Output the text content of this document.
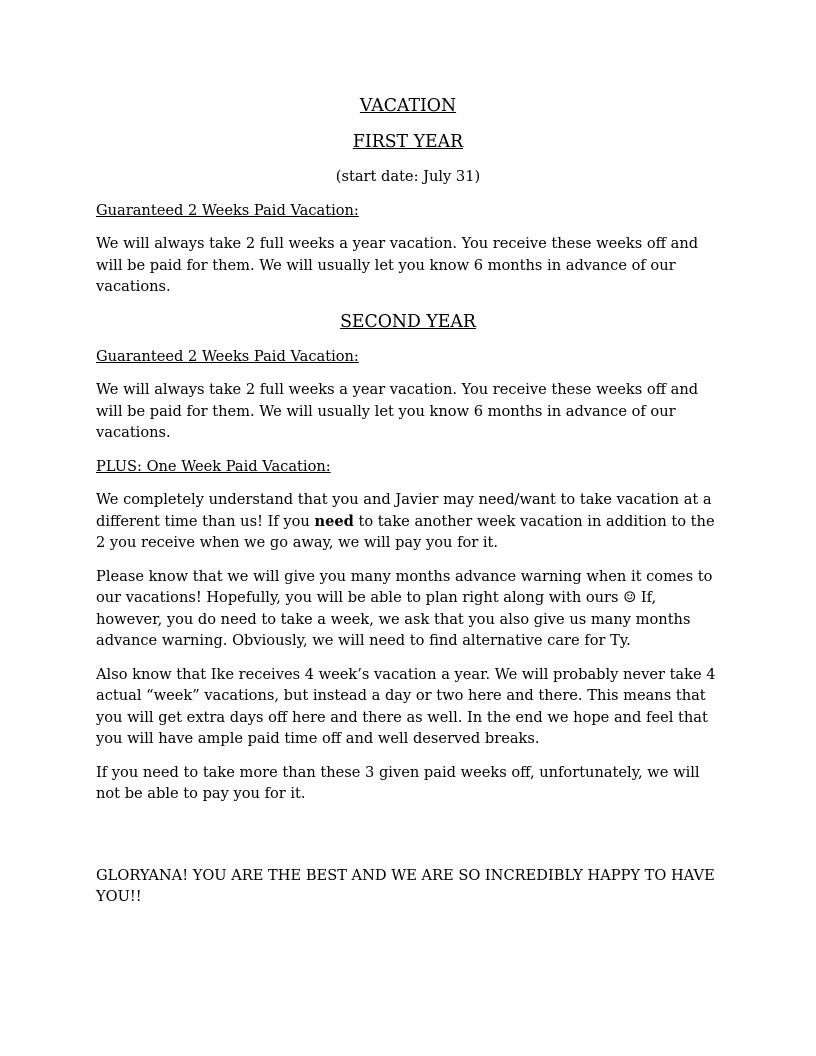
VACATION

FIRST YEAR

(start date: July 31)

Guaranteed 2 Weeks Paid Vacation:

We will always take 2 full weeks a year vacation. You receive these weeks off and will be paid for them. We will usually let you know 6 months in advance of our vacations.

SECOND YEAR

Guaranteed 2 Weeks Paid Vacation:

We will always take 2 full weeks a year vacation. You receive these weeks off and will be paid for them. We will usually let you know 6 months in advance of our vacations.

PLUS: One Week Paid Vacation:

We completely understand that you and Javier may need/want to take vacation at a different time than us! If you need to take another week vacation in addition to the 2 you receive when we go away, we will pay you for it.

Please know that we will give you many months advance warning when it comes to our vacations! Hopefully, you will be able to plan right along with ours ☺ If, however, you do need to take a week, we ask that you also give us many months advance warning. Obviously, we will need to find alternative care for Ty.

Also know that Ike receives 4 week’s vacation a year. We will probably never take 4 actual “week” vacations, but instead a day or two here and there. This means that you will get extra days off here and there as well. In the end we hope and feel that you will have ample paid time off and well deserved breaks.

If you need to take more than these 3 given paid weeks off, unfortunately, we will not be able to pay you for it.

GLORYANA! YOU ARE THE BEST AND WE ARE SO INCREDIBLY HAPPY TO HAVE YOU!!
